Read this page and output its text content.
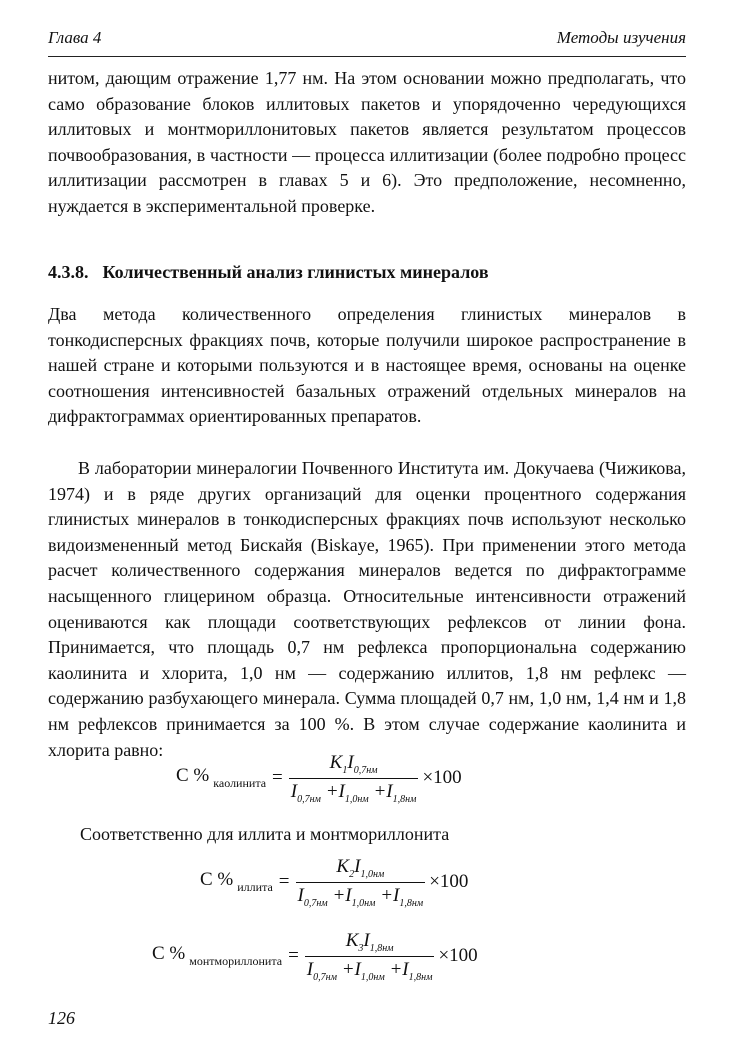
Глава 4	Методы изучения

нитом, дающим отражение 1,77 нм. На этом основании можно предполагать, что само образование блоков иллитовых пакетов и упорядоченно чередующихся иллитовых и монтмориллонитовых пакетов является результатом процессов почвообразования, в частности — процесса иллитизации (более подробно процесс иллитизации рассмотрен в главах 5 и 6). Это предположение, несомненно, нуждается в экспериментальной проверке.

4.3.8. Количественный анализ глинистых минералов

Два метода количественного определения глинистых минералов в тонкодисперсных фракциях почв, которые получили широкое распространение в нашей стране и которыми пользуются и в настоящее время, основаны на оценке соотношения интенсивностей базальных отражений отдельных минералов на дифрактограммах ориентированных препаратов.

В лаборатории минералогии Почвенного Института им. Докучаева (Чижикова, 1974) и в ряде других организаций для оценки процентного содержания глинистых минералов в тонкодисперсных фракциях почв используют несколько видоизмененный метод Бискайя (Biskaye, 1965). При применении этого метода расчет количественного содержания минералов ведется по дифрактограмме насыщенного глицерином образца. Относительные интенсивности отражений оцениваются как площади соответствующих рефлексов от линии фона. Принимается, что площадь 0,7 нм рефлекса пропорциональна содержанию каолинита и хлорита, 1,0 нм — содержанию иллитов, 1,8 нм рефлекс — содержанию разбухающего минерала. Сумма площадей 0,7 нм, 1,0 нм, 1,4 нм и 1,8 нм рефлексов принимается за 100 %. В этом случае содержание каолинита и хлорита равно:

С % $_{каолинита} = \frac{K_1I_{0,7нм}}{I_{0,7нм} +I_{1,0нм} +I_{1,8нм}} \times 100$
Соответственно для иллита и монтмориллонита
С % $_{иллита} = \frac{K_2I_{1,0нм}}{I_{0,7нм} +I_{1,0нм} +I_{1,8нм}} \times 100$
С % $_{монтмориллонита} = \frac{K_3I_{1,8нм}}{I_{0,7нм} +I_{1,0нм} +I_{1,8нм}} \times 100$
126
